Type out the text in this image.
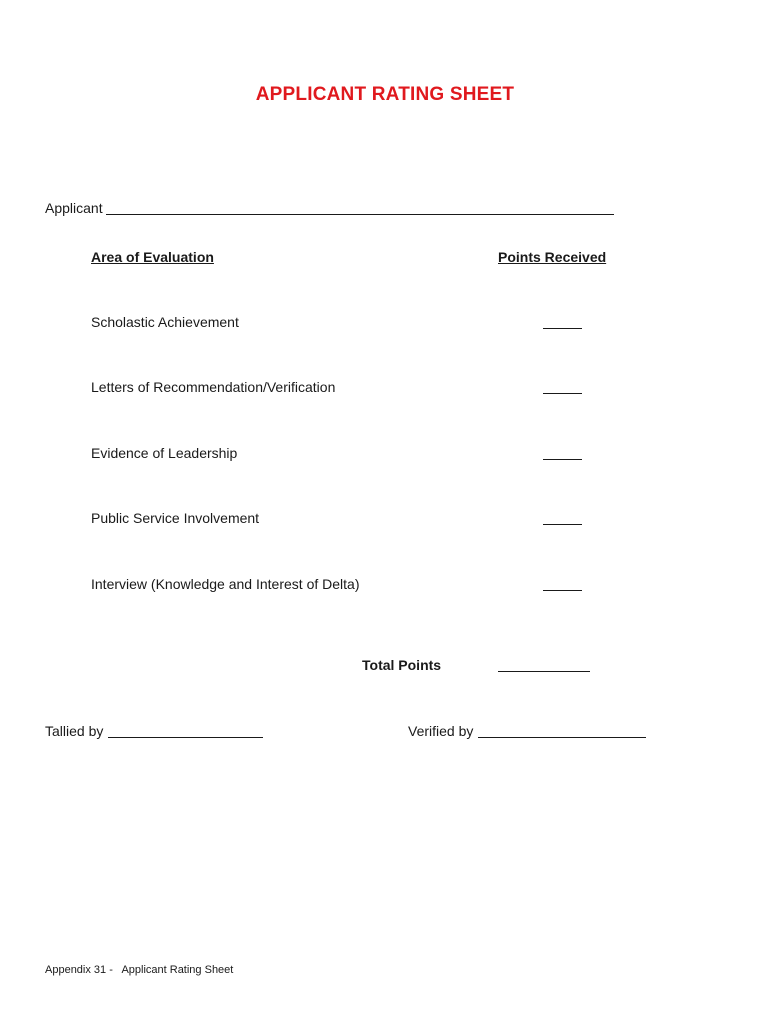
APPLICANT RATING SHEET
Applicant
Area of Evaluation	Points Received
Scholastic Achievement
Letters of Recommendation/Verification
Evidence of Leadership
Public Service Involvement
Interview (Knowledge and Interest of Delta)
Total Points
Tallied by	Verified by
Appendix 31 -   Applicant Rating Sheet
